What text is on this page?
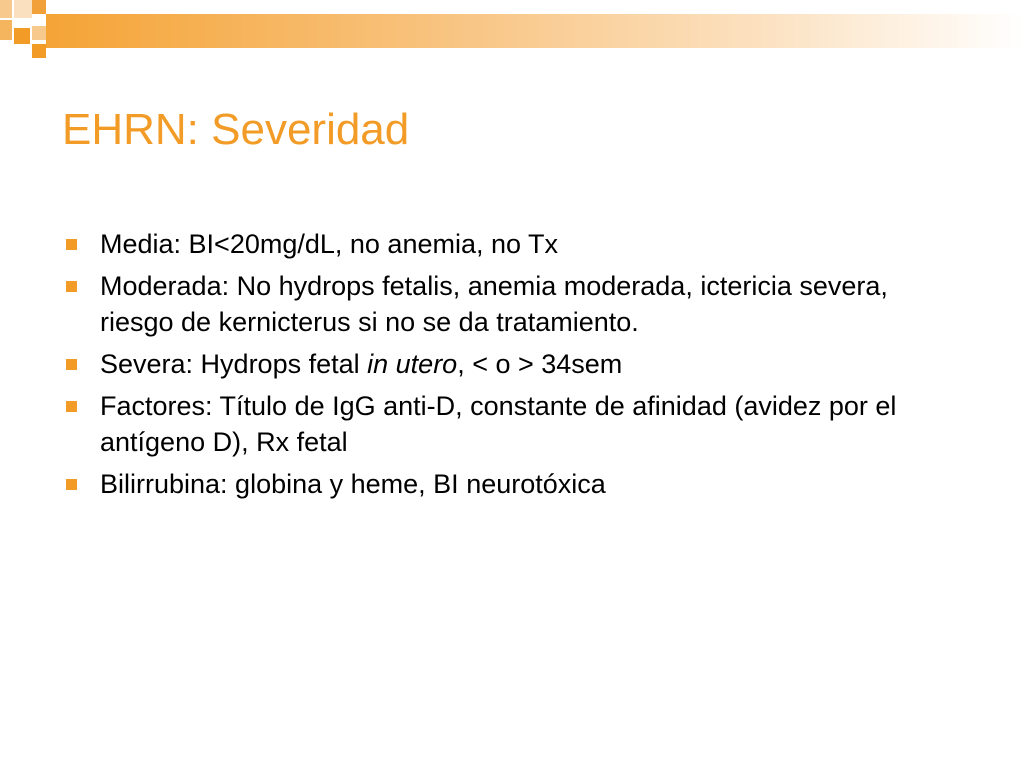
EHRN: Severidad
Media: BI<20mg/dL, no anemia, no Tx
Moderada: No hydrops fetalis, anemia moderada, ictericia severa, riesgo de kernicterus si no se da tratamiento.
Severa: Hydrops fetal in utero, < o > 34sem
Factores: Título de IgG anti-D, constante de afinidad (avidez por el antígeno D), Rx fetal
Bilirrubina: globina y heme, BI neurotóxica
